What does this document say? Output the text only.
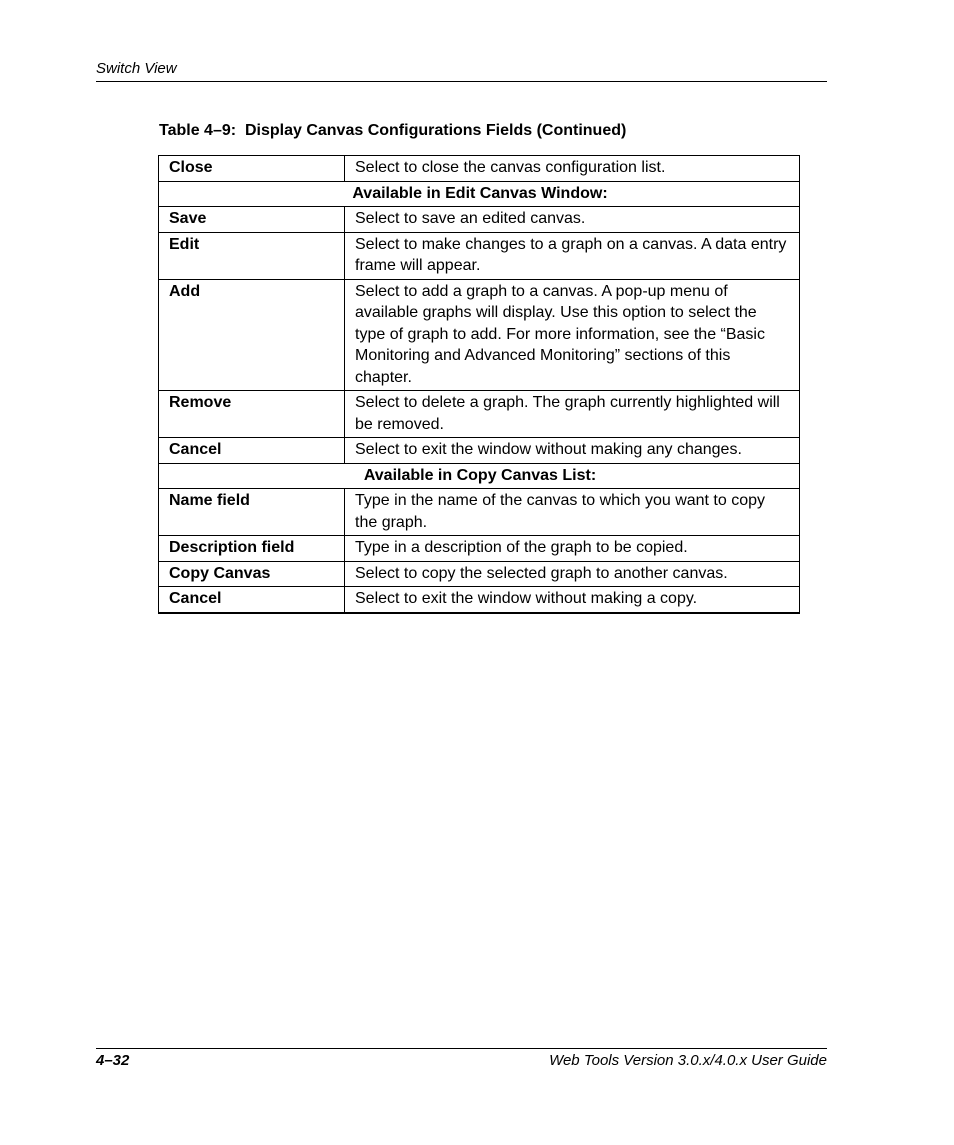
Switch View
Table 4–9:  Display Canvas Configurations Fields (Continued)
Close	Select to close the canvas configuration list.
Available in Edit Canvas Window:	
Save	Select to save an edited canvas.
Edit	Select to make changes to a graph on a canvas. A data entry frame will appear.
Add	Select to add a graph to a canvas. A pop-up menu of available graphs will display. Use this option to select the type of graph to add. For more information, see the “Basic Monitoring and Advanced Monitoring” sections of this chapter.
Remove	Select to delete a graph. The graph currently highlighted will be removed.
Cancel	Select to exit the window without making any changes.
Available in Copy Canvas List:	
Name field	Type in the name of the canvas to which you want to copy the graph.
Description field	Type in a description of the graph to be copied.
Copy Canvas	Select to copy the selected graph to another canvas.
Cancel	Select to exit the window without making a copy.
4–32	Web Tools Version 3.0.x/4.0.x User Guide
